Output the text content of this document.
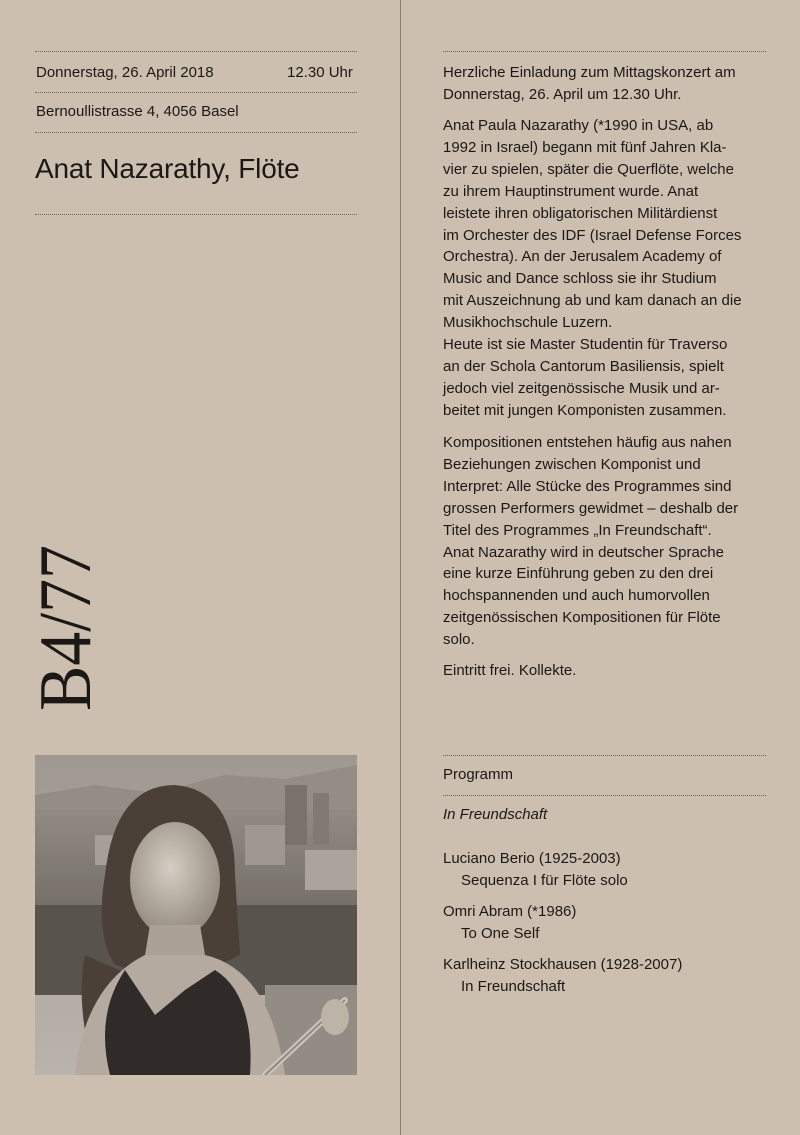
Donnerstag, 26. April 2018	12.30 Uhr

Bernoullistrasse 4, 4056 Basel

Anat Nazarathy, Flöte
B4/77

Herzliche Einladung zum Mittagskonzert am
Donnerstag, 26. April um 12.30 Uhr.

Anat Paula Nazarathy (*1990 in USA, ab
1992 in Israel) begann mit fünf Jahren Kla-
vier zu spielen, später die Querflöte, welche
zu ihrem Hauptinstrument wurde. Anat
leistete ihren obligatorischen Militärdienst
im Orchester des IDF (Israel Defense Forces
Orchestra). An der Jerusalem Academy of
Music and Dance schloss sie ihr Studium
mit Auszeichnung ab und kam danach an die
Musikhochschule Luzern.
Heute ist sie Master Studentin für Traverso
an der Schola Cantorum Basiliensis, spielt
jedoch viel zeitgenössische Musik und ar-
beitet mit jungen Komponisten zusammen.

Kompositionen entstehen häufig aus nahen
Beziehungen zwischen Komponist und
Interpret: Alle Stücke des Programmes sind
grossen Performers gewidmet – deshalb der
Titel des Programmes „In Freundschaft“.
Anat Nazarathy wird in deutscher Sprache
eine kurze Einführung geben zu den drei
hochspannenden und auch humorvollen
zeitgenössischen Kompositionen für Flöte
solo.

Eintritt frei. Kollekte.

Programm

In Freundschaft

Luciano Berio (1925-2003)
Sequenza I für Flöte solo

Omri Abram (*1986)
To One Self

Karlheinz Stockhausen (1928-2007)
In Freundschaft
